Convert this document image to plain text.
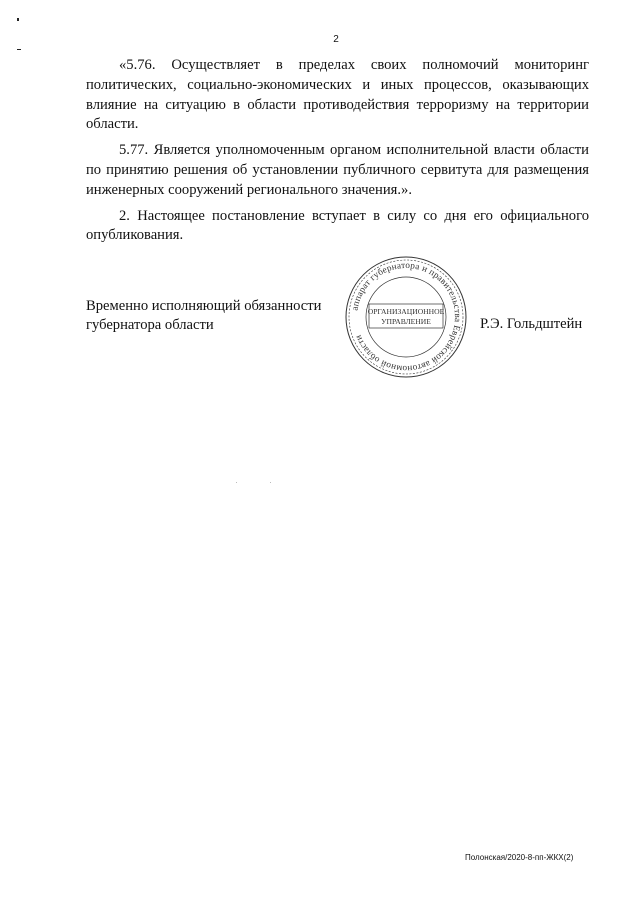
2

«5.76. Осуществляет в пределах своих полномочий мониторинг политических, социально-экономических и иных процессов, оказывающих влияние на ситуацию в области противодействия терроризму на территории области.

5.77. Является уполномоченным органом исполнительной власти области по принятию решения об установлении публичного сервитута для размещения инженерных сооружений регионального значения.».

2. Настоящее постановление вступает в силу со дня его официального опубликования.

Временно исполняющий обязанности
губернатора области
аппарат губернатора и правительства Еврейской автономной области
ОРГАНИЗАЦИОННОЕ
УПРАВЛЕНИЕ	Р.Э. Гольдштейн
Полонская/2020-8-пп-ЖКХ(2)
